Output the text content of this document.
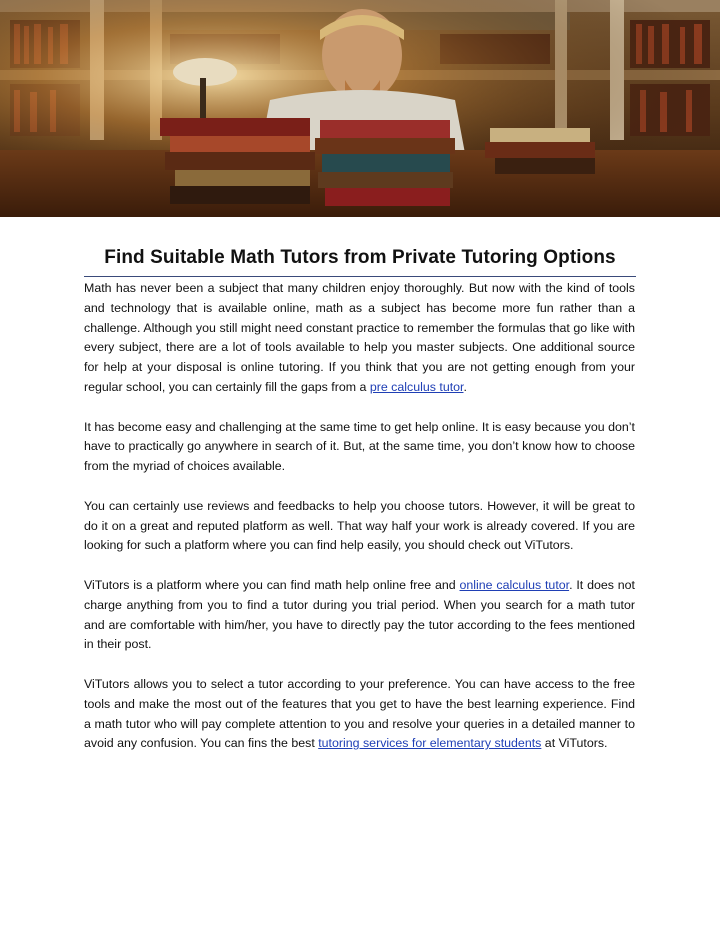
Find Suitable Math Tutors from Private Tutoring Options

Math has never been a subject that many children enjoy thoroughly. But now with the kind of tools and technology that is available online, math as a subject has become more fun rather than a challenge. Although you still might need constant practice to remember the formulas that go like with every subject, there are a lot of tools available to help you master subjects. One additional source for help at your disposal is online tutoring. If you think that you are not getting enough from your regular school, you can certainly fill the gaps from a pre calculus tutor.

It has become easy and challenging at the same time to get help online. It is easy because you don’t have to practically go anywhere in search of it. But, at the same time, you don’t know how to choose from the myriad of choices available.

You can certainly use reviews and feedbacks to help you choose tutors. However, it will be great to do it on a great and reputed platform as well. That way half your work is already covered. If you are looking for such a platform where you can find help easily, you should check out ViTutors.

ViTutors is a platform where you can find math help online free and online calculus tutor. It does not charge anything from you to find a tutor during you trial period. When you search for a math tutor and are comfortable with him/her, you have to directly pay the tutor according to the fees mentioned in their post.

ViTutors allows you to select a tutor according to your preference. You can have access to the free tools and make the most out of the features that you get to have the best learning experience. Find a math tutor who will pay complete attention to you and resolve your queries in a detailed manner to avoid any confusion. You can fins the best tutoring services for elementary students at ViTutors.
